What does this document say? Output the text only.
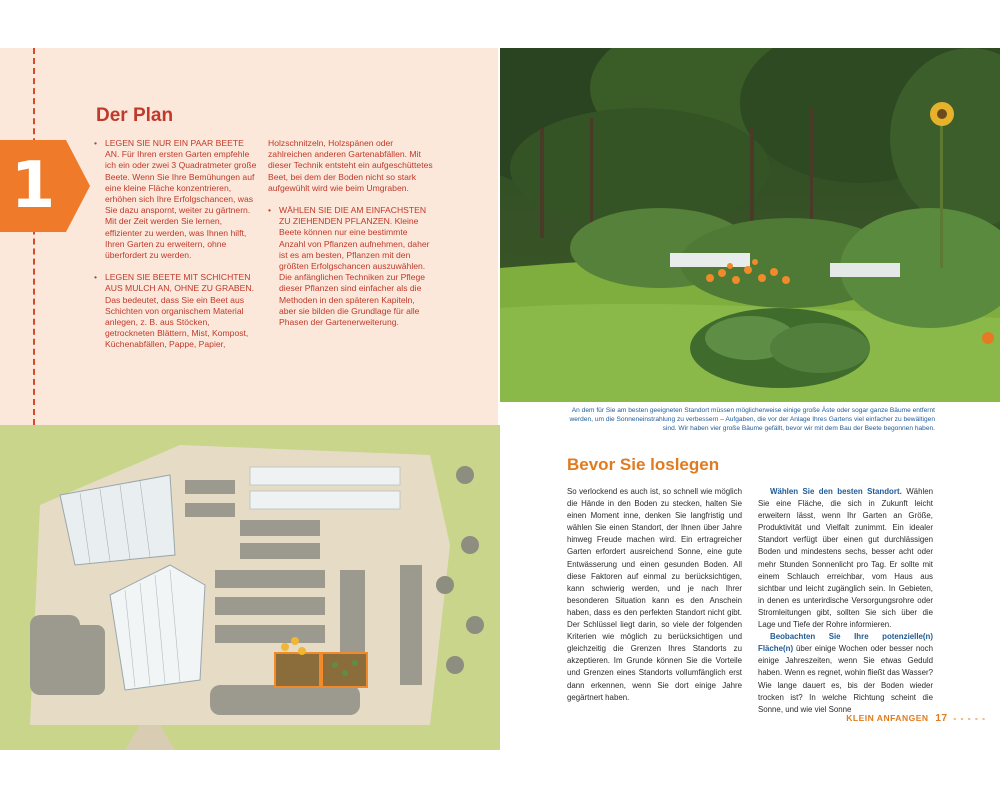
1
Der Plan
• LEGEN SIE NUR EIN PAAR BEETE AN. Für Ihren ersten Garten empfehle ich ein oder zwei 3 Quadratmeter große Beete. Wenn Sie Ihre Bemühungen auf eine kleine Fläche konzentrieren, erhöhen sich Ihre Erfolgschancen, was Sie dazu anspornt, weiter zu gärtnern. Mit der Zeit werden Sie lernen, effizienter zu werden, was Ihnen hilft, Ihren Garten zu erweitern, ohne überfordert zu werden.
• LEGEN SIE BEETE MIT SCHICHTEN AUS MULCH AN, OHNE ZU GRABEN. Das bedeutet, dass Sie ein Beet aus Schichten von organischem Material anlegen, z. B. aus Stöcken, getrockneten Blättern, Mist, Kompost, Küchenabfällen, Pappe, Papier,
Holzschnitzeln, Holzspänen oder zahlreichen anderen Gartenabfällen. Mit dieser Technik entsteht ein aufgeschüttetes Beet, bei dem der Boden nicht so stark aufgewühlt wird wie beim Umgraben.
• WÄHLEN SIE DIE AM EINFACHSTEN ZU ZIEHENDEN PFLANZEN. Kleine Beete können nur eine bestimmte Anzahl von Pflanzen aufnehmen, daher ist es am besten, Pflanzen mit den größten Erfolgschancen auszuwählen. Die anfänglichen Techniken zur Pflege dieser Pflanzen sind einfacher als die Methoden in den späteren Kapiteln, aber sie bilden die Grundlage für alle Phasen der Gartenerweiterung.
An dem für Sie am besten geeigneten Standort müssen möglicherweise einige große Äste oder sogar ganze Bäume entfernt werden, um die Sonneneinstrahlung zu verbessern – Aufgaben, die vor der Anlage Ihres Gartens viel einfacher zu bewältigen sind. Wir haben vier große Bäume gefällt, bevor wir mit dem Bau der Beete begonnen haben.
Bevor Sie loslegen
So verlockend es auch ist, so schnell wie möglich die Hände in den Boden zu stecken, halten Sie einen Moment inne, denken Sie langfristig und wählen Sie einen Standort, der Ihnen über Jahre hinweg Freude machen wird. Ein ertragreicher Garten erfordert ausreichend Sonne, eine gute Entwässerung und einen gesunden Boden. All diese Faktoren auf einmal zu berücksichtigen, kann schwierig werden, und je nach Ihrer besonderen Situation kann es den Anschein haben, dass es den perfekten Standort nicht gibt. Der Schlüssel liegt darin, so viele der folgenden Kriterien wie möglich zu berücksichtigen und gleichzeitig die Grenzen Ihres Standorts zu akzeptieren. Im Grunde können Sie die Vorteile und Grenzen eines Standorts vollumfänglich erst dann erkennen, wenn Sie dort einige Jahre gegärtnert haben.
Wählen Sie den besten Standort. Wählen Sie eine Fläche, die sich in Zukunft leicht erweitern lässt, wenn Ihr Garten an Größe, Produktivität und Vielfalt zunimmt. Ein idealer Standort verfügt über einen gut durchlässigen Boden und mindestens sechs, besser acht oder mehr Stunden Sonnenlicht pro Tag. Er sollte mit einem Schlauch erreichbar, vom Haus aus sichtbar und leicht zugänglich sein. In Gebieten, in denen es unterirdische Versorgungsrohre oder Stromleitungen gibt, sollten Sie sich über die Lage und Tiefe der Rohre informieren.
Beobachten Sie Ihre potenzielle(n) Fläche(n) über einige Wochen oder besser noch einige Jahreszeiten, wenn Sie etwas Geduld haben. Wenn es regnet, wohin fließt das Wasser? Wie lange dauert es, bis der Boden wieder trocken ist? In welche Richtung scheint die Sonne, und wie viel Sonne
KLEIN ANFANGEN 17 - - - - -
